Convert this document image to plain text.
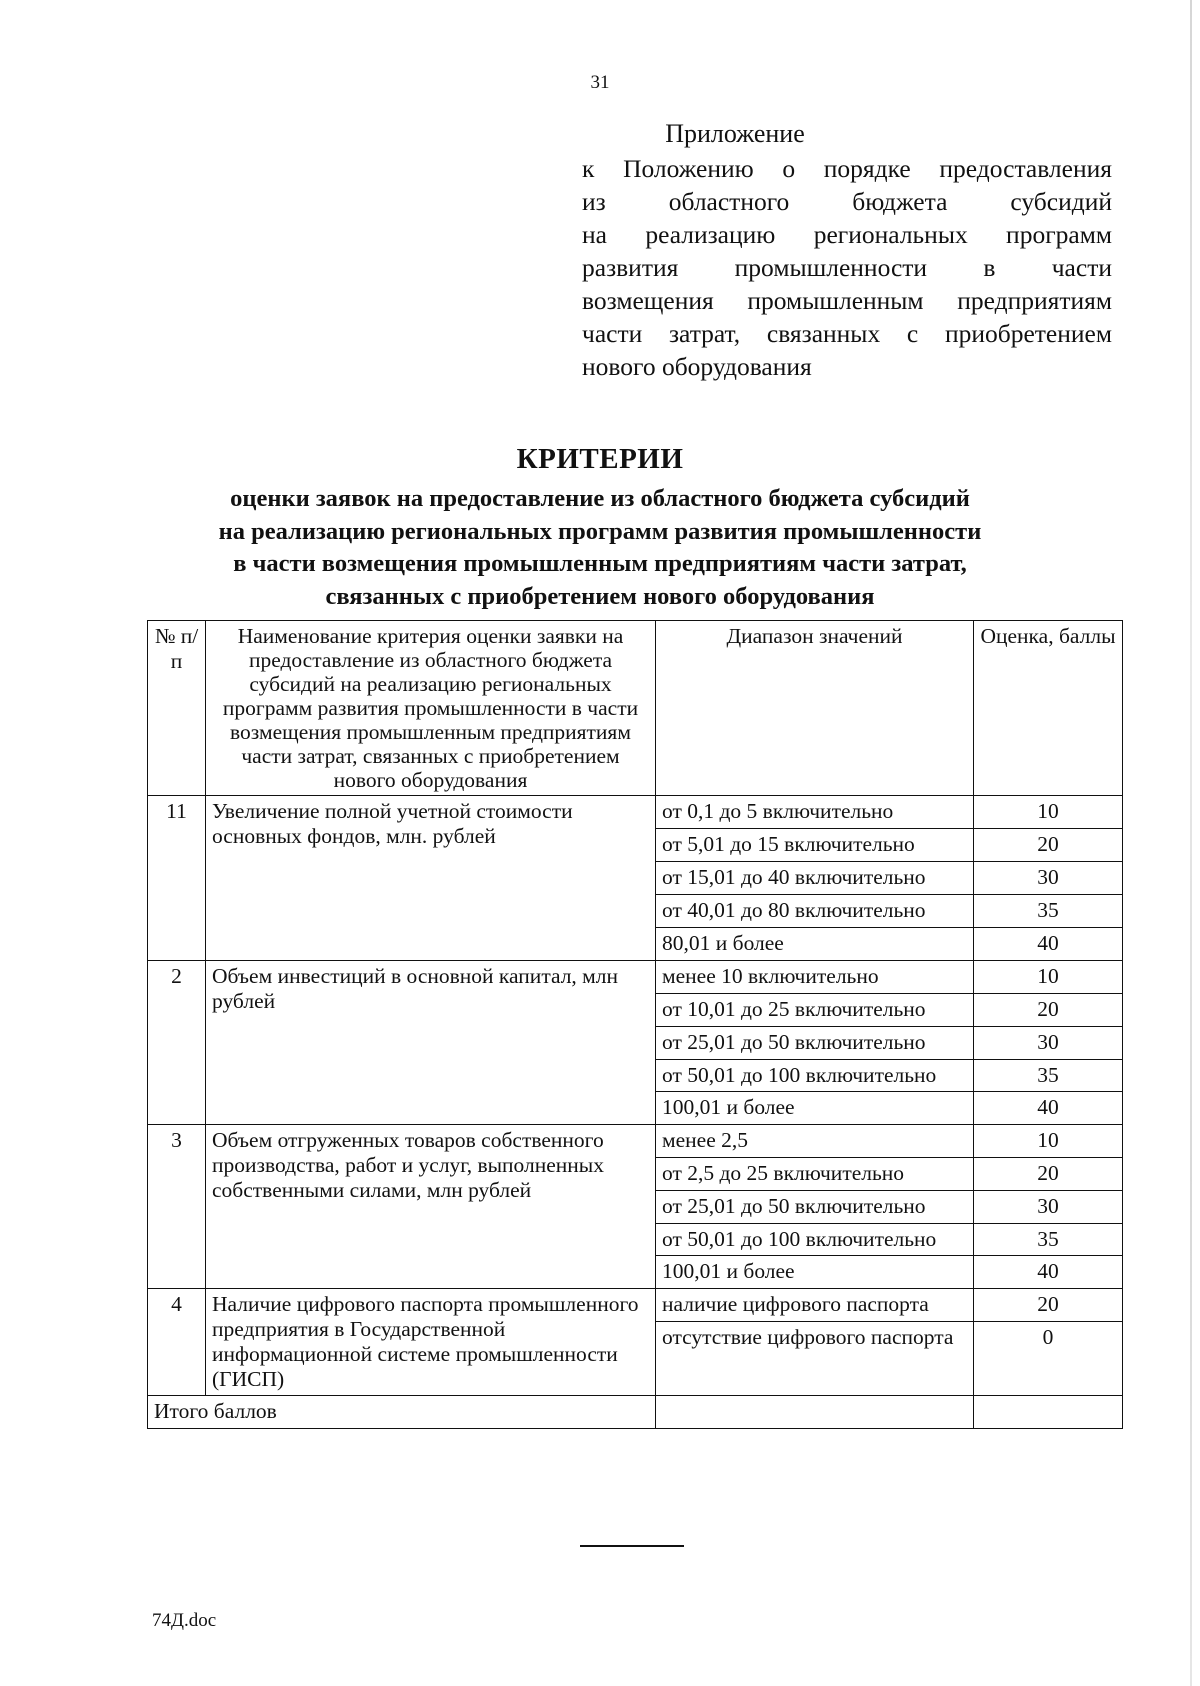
31
Приложение
к Положению о порядке предоставления
из областного бюджета субсидий
на реализацию региональных программ
развития промышленности в части
возмещения промышленным предприятиям
части затрат, связанных с приобретением
нового оборудования
КРИТЕРИИ
оценки заявок на предоставление из областного бюджета субсидий
на реализацию региональных программ развития промышленности
в части возмещения промышленным предприятиям части затрат,
связанных с приобретением нового оборудования
№ п/п	Наименование критерия оценки заявки на предоставление из областного бюджета субсидий на реализацию региональных программ развития промышленности в части возмещения промышленным предприятиям части затрат, связанных с приобретением нового оборудования	Диапазон значений	Оценка, баллы
11	Увеличение полной учетной стоимости основных фондов, млн. рублей	от 0,1 до 5 включительно	10
		от 5,01 до 15 включительно	20
		от 15,01 до 40 включительно	30
		от 40,01 до 80 включительно	35
		80,01 и более	40
2	Объем инвестиций в основной капитал, млн рублей	менее 10 включительно	10
		от 10,01 до 25 включительно	20
		от 25,01 до 50 включительно	30
		от 50,01 до 100 включительно	35
		100,01 и более	40
3	Объем отгруженных товаров собственного производства, работ и услуг, выполненных собственными силами, млн рублей	менее 2,5	10
		от 2,5 до 25 включительно	20
		от 25,01 до 50 включительно	30
		от 50,01 до 100 включительно	35
		100,01 и более	40
4	Наличие цифрового паспорта промышленного предприятия в Государственной информационной системе промышленности (ГИСП)	наличие цифрового паспорта	20
		отсутствие цифрового паспорта	0
Итого баллов			
74Д.doc
